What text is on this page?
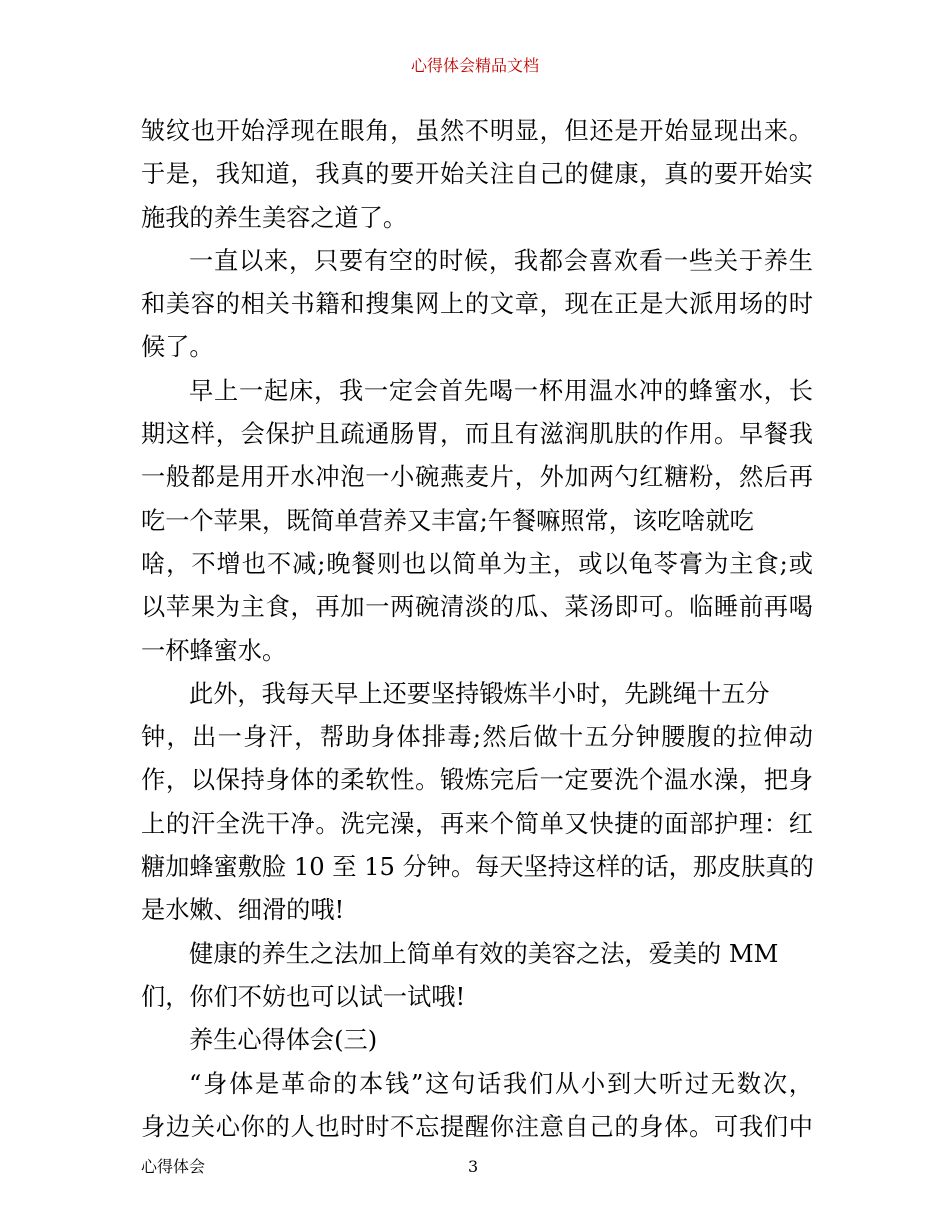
心得体会精品文档
皱纹也开始浮现在眼角，虽然不明显，但还是开始显现出来。
于是，我知道，我真的要开始关注自己的健康，真的要开始实
施我的养生美容之道了。
一直以来，只要有空的时候，我都会喜欢看一些关于养生
和美容的相关书籍和搜集网上的文章，现在正是大派用场的时
候了。
早上一起床，我一定会首先喝一杯用温水冲的蜂蜜水，长
期这样，会保护且疏通肠胃，而且有滋润肌肤的作用。早餐我
一般都是用开水冲泡一小碗燕麦片，外加两勺红糖粉，然后再
吃一个苹果，既简单营养又丰富;午餐嘛照常，该吃啥就吃
啥，不增也不减;晚餐则也以简单为主，或以龟苓膏为主食;或
以苹果为主食，再加一两碗清淡的瓜、菜汤即可。临睡前再喝
一杯蜂蜜水。
此外，我每天早上还要坚持锻炼半小时，先跳绳十五分
钟，出一身汗，帮助身体排毒;然后做十五分钟腰腹的拉伸动
作，以保持身体的柔软性。锻炼完后一定要洗个温水澡，把身
上的汗全洗干净。洗完澡，再来个简单又快捷的面部护理：红
糖加蜂蜜敷脸 10 至 15 分钟。每天坚持这样的话，那皮肤真的
是水嫩、细滑的哦!
健康的养生之法加上简单有效的美容之法，爱美的 MM
们，你们不妨也可以试一试哦!
养生心得体会(三)
“身体是革命的本钱”这句话我们从小到大听过无数次，
身边关心你的人也时时不忘提醒你注意自己的身体。可我们中
心得体会	3
